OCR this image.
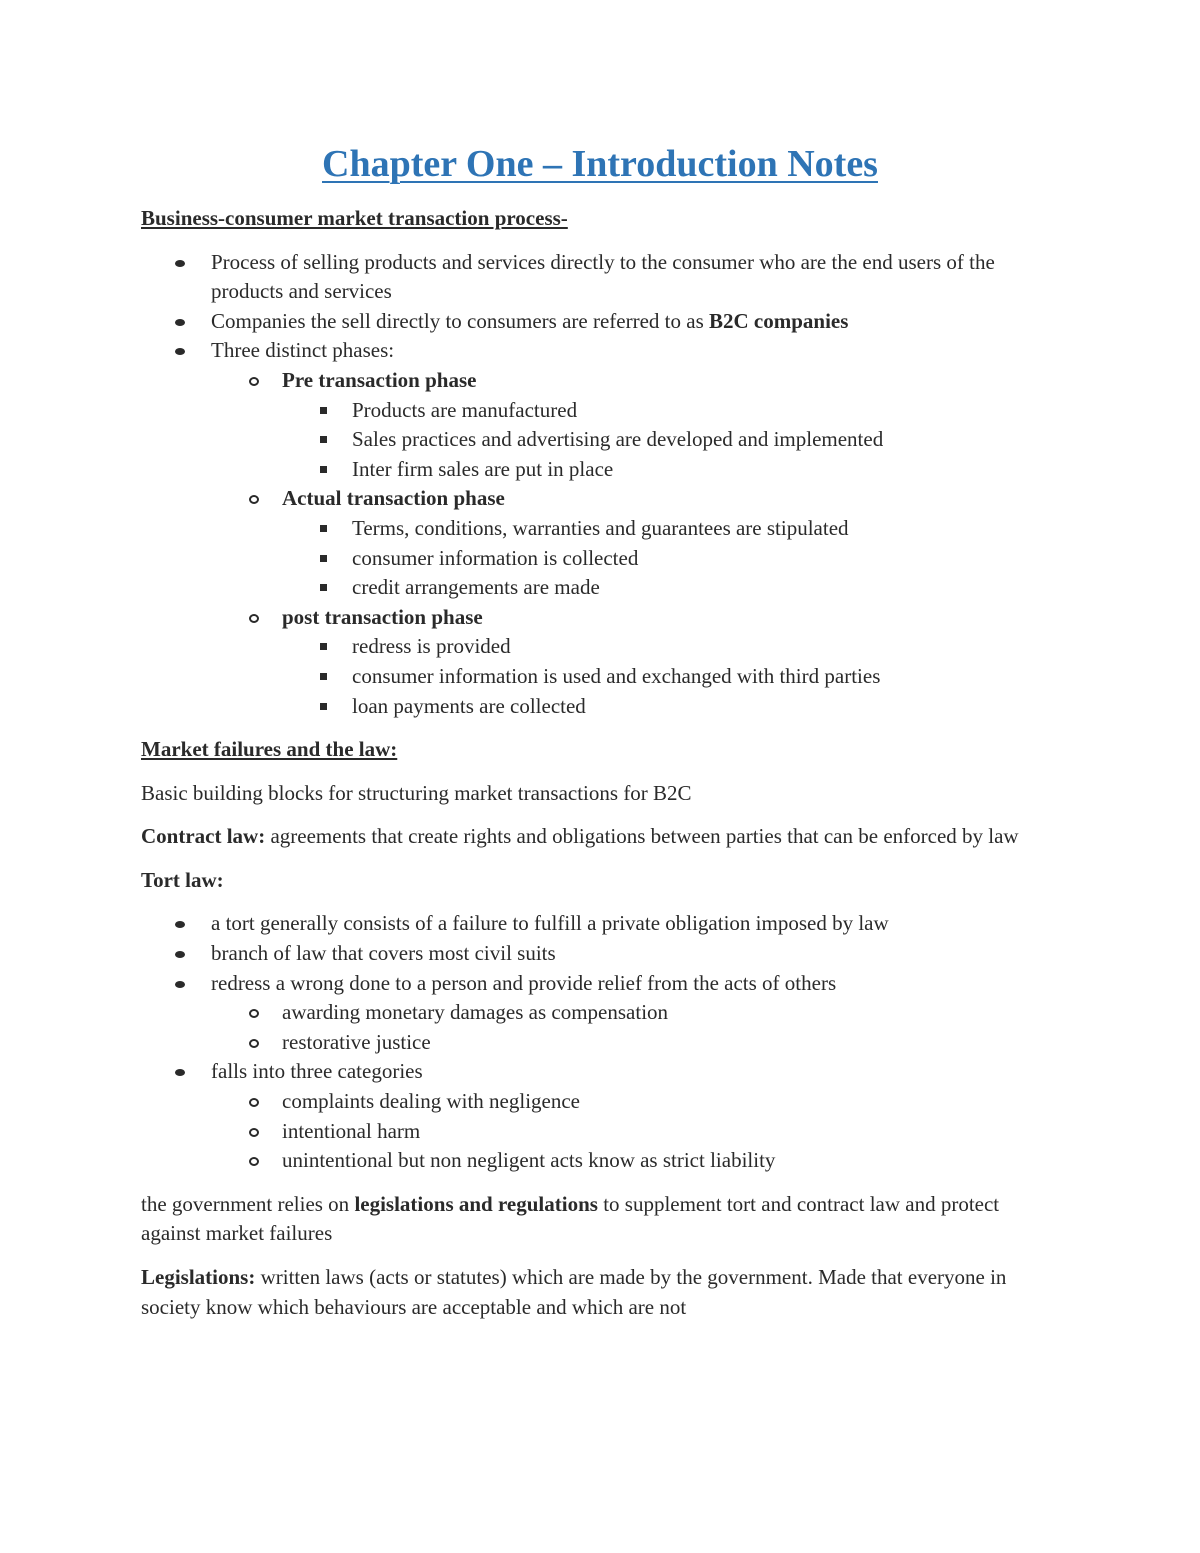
Chapter One – Introduction Notes

Business-consumer market transaction process-

Process of selling products and services directly to the consumer who are the end users of the products and services
Companies the sell directly to consumers are referred to as B2C companies
Three distinct phases:
Pre transaction phase
Products are manufactured
Sales practices and advertising are developed and implemented
Inter firm sales are put in place
Actual transaction phase
Terms, conditions, warranties and guarantees are stipulated
consumer information is collected
credit arrangements are made
post transaction phase
redress is provided
consumer information is used and exchanged with third parties
loan payments are collected

Market failures and the law:

Basic building blocks for structuring market transactions for B2C

Contract law: agreements that create rights and obligations between parties that can be enforced by law

Tort law:

a tort generally consists of a failure to fulfill a private obligation imposed by law
branch of law that covers most civil suits
redress a wrong done to a person and provide relief from the acts of others
awarding monetary damages as compensation
restorative justice
falls into three categories
complaints dealing with negligence
intentional harm
unintentional but non negligent acts know as strict liability

the government relies on legislations and regulations to supplement tort and contract law and protect against market failures

Legislations: written laws (acts or statutes) which are made by the government. Made that everyone in society know which behaviours are acceptable and which are not
